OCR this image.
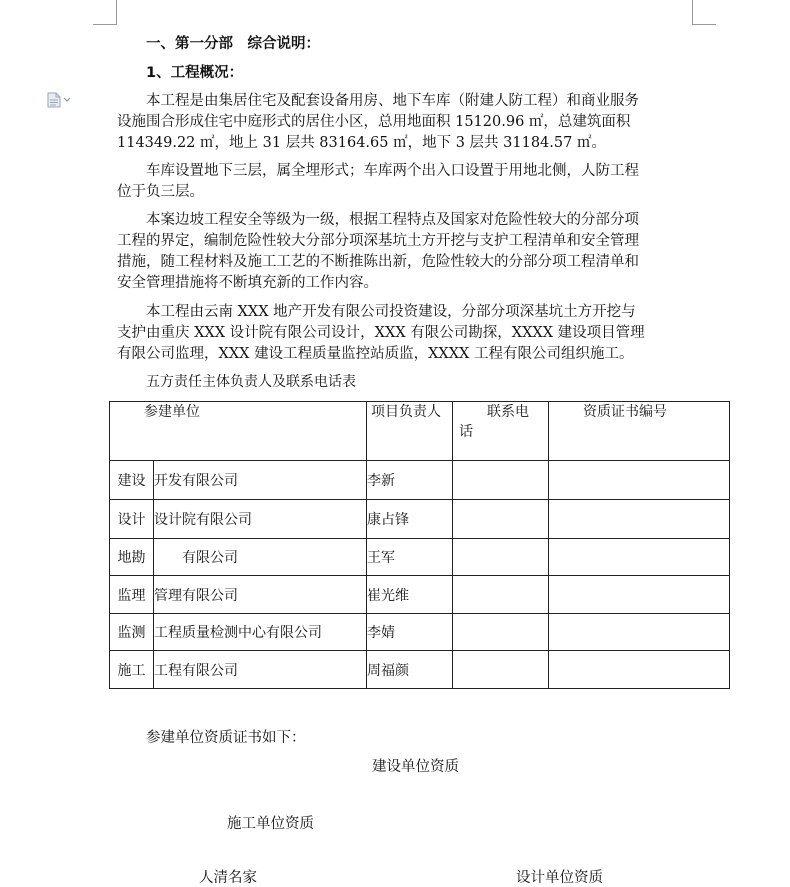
一、第一分部　综合说明：

1、工程概况：

本工程是由集居住宅及配套设备用房、地下车库（附建人防工程）和商业服务

设施围合形成住宅中庭形式的居住小区，总用地面积 15120.96 ㎡，总建筑面积

114349.22 ㎡，地上 31 层共 83164.65 ㎡，地下 3 层共 31184.57 ㎡。

车库设置地下三层，属全埋形式；车库两个出入口设置于用地北侧，人防工程

位于负三层。

本案边坡工程安全等级为一级，根据工程特点及国家对危险性较大的分部分项

工程的界定，编制危险性较大分部分项深基坑土方开挖与支护工程清单和安全管理

措施，随工程材料及施工工艺的不断推陈出新，危险性较大的分部分项工程清单和

安全管理措施将不断填充新的工作内容。

本工程由云南 XXX 地产开发有限公司投资建设，分部分项深基坑土方开挖与

支护由重庆 XXX 设计院有限公司设计，XXX 有限公司勘探，XXXX 建设项目管理

有限公司监理，XXX 建设工程质量监控站质监，XXXX 工程有限公司组织施工。

五方责任主体负责人及联系电话表

参建单位		项目负责人	联系电话	资质证书编号
建设	开发有限公司	李新		
设计	设计院有限公司	康占锋		
地勘	　　有限公司	王军		
监理	管理有限公司	崔光维		
监测	工程质量检测中心有限公司	李婧		
施工	工程有限公司	周福颜		
参建单位资质证书如下：
建设单位资质
施工单位资质
人清名家	设计单位资质
